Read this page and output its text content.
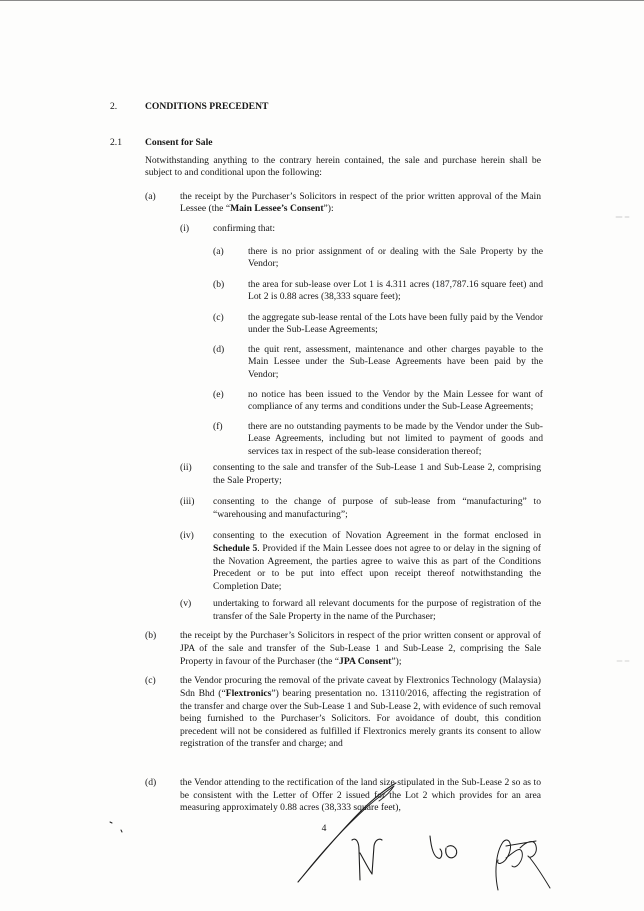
2.	CONDITIONS PRECEDENT
2.1 Consent for Sale
Notwithstanding anything to the contrary herein contained, the sale and purchase herein shall be subject to and conditional upon the following:
(a)	the receipt by the Purchaser’s Solicitors in respect of the prior written approval of the Main Lessee (the “Main Lessee’s Consent”):
(i) confirming that:
(a)	there is no prior assignment of or dealing with the Sale Property by the Vendor;
(b) the area for sub-lease over Lot 1 is 4.311 acres (187,787.16 square feet) and Lot 2 is 0.88 acres (38,333 square feet);
(c)	the aggregate sub-lease rental of the Lots have been fully paid by the Vendor under the Sub-Lease Agreements;
(d) the quit rent, assessment, maintenance and other charges payable to the Main Lessee under the Sub-Lease Agreements have been paid by the Vendor;
(e)	no notice has been issued to the Vendor by the Main Lessee for want of compliance of any terms and conditions under the Sub-Lease Agreements;
(f)	there are no outstanding payments to be made by the Vendor under the Sub-Lease Agreements, including but not limited to payment of goods and services tax in respect of the sub-lease consideration thereof;
(ii) consenting to the sale and transfer of the Sub-Lease 1 and Sub-Lease 2, comprising the Sale Property;
(iii) consenting to the change of purpose of sub-lease from “manufacturing” to “warehousing and manufacturing”;
(iv) consenting to the execution of Novation Agreement in the format enclosed in Schedule 5. Provided if the Main Lessee does not agree to or delay in the signing of the Novation Agreement, the parties agree to waive this as part of the Conditions Precedent or to be put into effect upon receipt thereof notwithstanding the Completion Date;
(v) undertaking to forward all relevant documents for the purpose of registration of the transfer of the Sale Property in the name of the Purchaser;
(b) the receipt by the Purchaser’s Solicitors in respect of the prior written consent or approval of JPA of the sale and transfer of the Sub-Lease 1 and Sub-Lease 2, comprising the Sale Property in favour of the Purchaser (the “JPA Consent”);
(c)	the Vendor procuring the removal of the private caveat by Flextronics Technology (Malaysia) Sdn Bhd (“Flextronics”) bearing presentation no. 13110/2016, affecting the registration of the transfer and charge over the Sub-Lease 1 and Sub-Lease 2, with evidence of such removal being furnished to the Purchaser’s Solicitors. For avoidance of doubt, this condition precedent will not be considered as fulfilled if Flextronics merely grants its consent to allow registration of the transfer and charge; and
(d) the Vendor attending to the rectification of the land size stipulated in the Sub-Lease 2 so as to be consistent with the Letter of Offer 2 issued for the Lot 2 which provides for an area measuring approximately 0.88 acres (38,333 square feet),
4
